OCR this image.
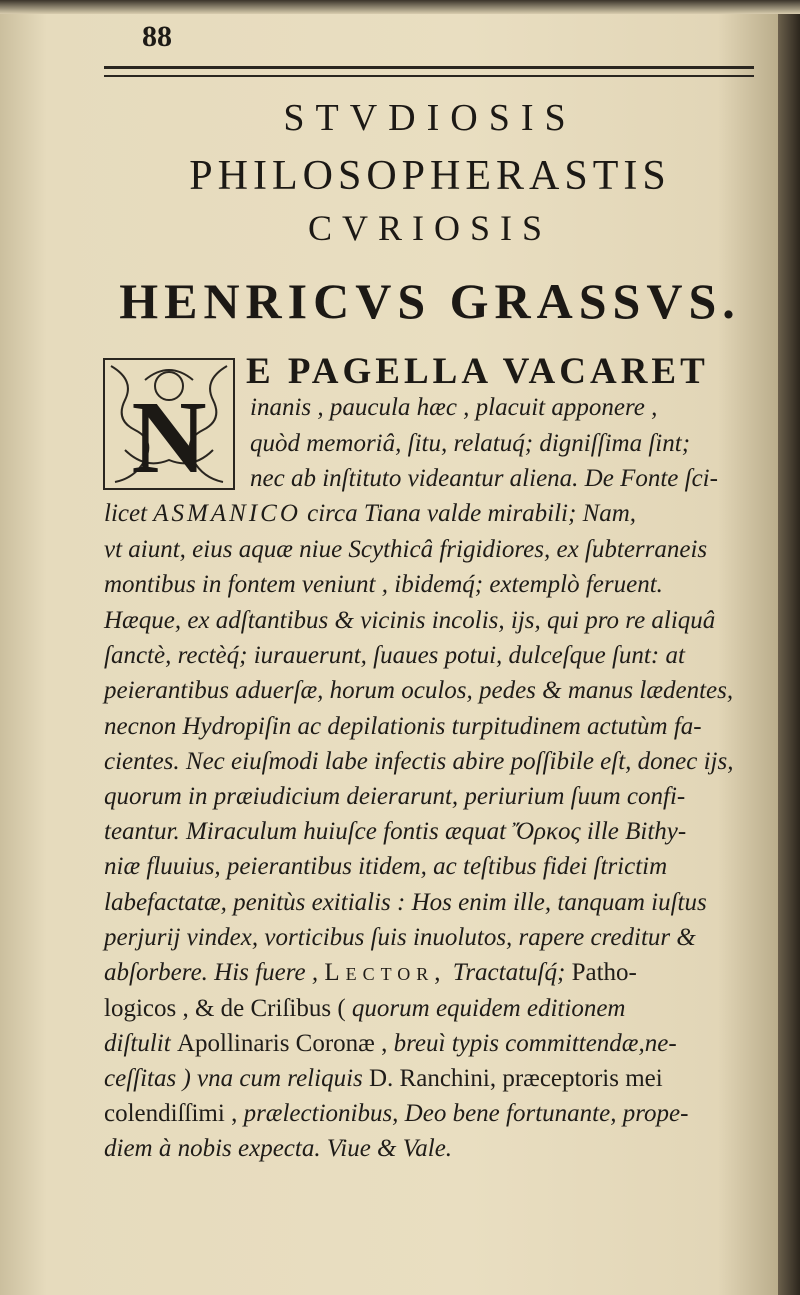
88
STVDIOSIS
PHILOSOPHERASTIS
CVRIOSIS
HENRICVS GRASSVS.
N
E PAGELLA VACARET
inanis , paucula hæc , placuit apponere ,
quòd memoriâ, ſitu, relatuq́; digniſſima ſint;
nec ab inſtituto videantur aliena. De Fonte ſci-
licet ASMANICO circa Tiana valde mirabili; Nam,
vt aiunt, eius aquæ niue Scythicâ frigidiores, ex ſubterraneis
montibus in fontem veniunt , ibidemq́; extemplò feruent.
Hæque, ex adſtantibus & vicinis incolis, ijs, qui pro re aliquâ
ſanctè, rectèq́; iurauerunt, ſuaues potui, dulceſque ſunt: at
peierantibus aduerſæ, horum oculos, pedes & manus lædentes,
necnon Hydropiſin ac depilationis turpitudinem actutùm fa-
cientes. Nec eiuſmodi labe infectis abire poſſibile eſt, donec ijs,
quorum in præiudicium deierarunt, periurium ſuum confi-
teantur. Miraculum huiuſce fontis æquat Ὄρκος ille Bithy-
niæ fluuius, peierantibus itidem, ac teſtibus fidei ſtrictim
labefactatæ, penitùs exitialis : Hos enim ille, tanquam iuſtus
perjurij vindex, vorticibus ſuis inuolutos, rapere creditur &
abſorbere. His fuere , Lector, Tractatuſq́; Patho-
logicos , & de Criſibus ( quorum equidem editionem
diſtulit Apollinaris Coronæ , breuì typis committendæ,ne-
ceſſitas ) vna cum reliquis D. Ranchini, præceptoris mei
colendiſſimi , prælectionibus, Deo bene fortunante, prope-
diem à nobis expecta. Viue & Vale.
